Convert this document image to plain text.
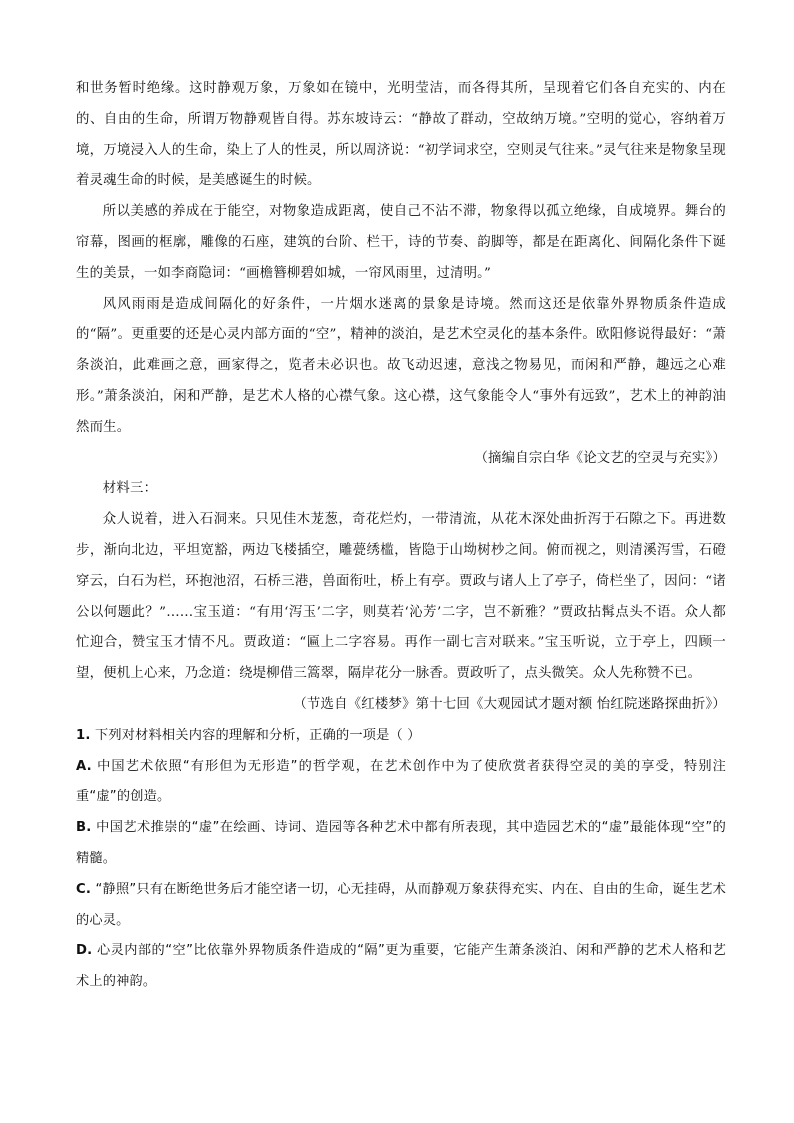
和世务暂时绝缘。这时静观万象，万象如在镜中，光明莹洁，而各得其所，呈现着它们各自充实的、内在的、自由的生命，所谓万物静观皆自得。苏东坡诗云：“静故了群动，空故纳万境。”空明的觉心，容纳着万境，万境浸入人的生命，染上了人的性灵，所以周济说：“初学词求空，空则灵气往来。”灵气往来是物象呈现着灵魂生命的时候，是美感诞生的时候。

所以美感的养成在于能空，对物象造成距离，使自己不沾不滞，物象得以孤立绝缘，自成境界。舞台的帘幕，图画的框廓，雕像的石座，建筑的台阶、栏干，诗的节奏、韵脚等，都是在距离化、间隔化条件下诞生的美景，一如李商隐词：“画檐簪柳碧如城，一帘风雨里，过清明。”

风风雨雨是造成间隔化的好条件，一片烟水迷离的景象是诗境。然而这还是依靠外界物质条件造成的“隔”。更重要的还是心灵内部方面的“空”，精神的淡泊，是艺术空灵化的基本条件。欧阳修说得最好：“萧条淡泊，此难画之意，画家得之，览者未必识也。故飞动迟速，意浅之物易见，而闲和严静，趣远之心难形。”萧条淡泊，闲和严静，是艺术人格的心襟气象。这心襟，这气象能令人“事外有远致”，艺术上的神韵油然而生。

（摘编自宗白华《论文艺的空灵与充实》）

材料三：

众人说着，进入石洞来。只见佳木茏葱，奇花烂灼，一带清流，从花木深处曲折泻于石隙之下。再进数步，渐向北边，平坦宽豁，两边飞楼插空，雕甍绣槛，皆隐于山坳树杪之间。俯而视之，则清溪泻雪，石磴穿云，白石为栏，环抱池沼，石桥三港，兽面衔吐，桥上有亭。贾政与诸人上了亭子，倚栏坐了，因问：“诸公以何题此？”……宝玉道：“有用‘泻玉’二字，则莫若‘沁芳’二字，岂不新雅？”贾政拈髯点头不语。众人都忙迎合，赞宝玉才情不凡。贾政道：“匾上二字容易。再作一副七言对联来。”宝玉听说，立于亭上，四顾一望，便机上心来，乃念道：绕堤柳借三篙翠，隔岸花分一脉香。贾政听了，点头微笑。众人先称赞不已。

（节选自《红楼梦》第十七回《大观园试才题对额 怡红院迷路探曲折》）

1. 下列对材料相关内容的理解和分析，正确的一项是（ ）

A. 中国艺术依照“有形但为无形造”的哲学观，在艺术创作中为了使欣赏者获得空灵的美的享受，特别注重“虚”的创造。

B. 中国艺术推崇的“虚”在绘画、诗词、造园等各种艺术中都有所表现，其中造园艺术的“虚”最能体现“空”的精髓。

C. “静照”只有在断绝世务后才能空诸一切，心无挂碍，从而静观万象获得充实、内在、自由的生命，诞生艺术的心灵。

D. 心灵内部的“空”比依靠外界物质条件造成的“隔”更为重要，它能产生萧条淡泊、闲和严静的艺术人格和艺术上的神韵。
